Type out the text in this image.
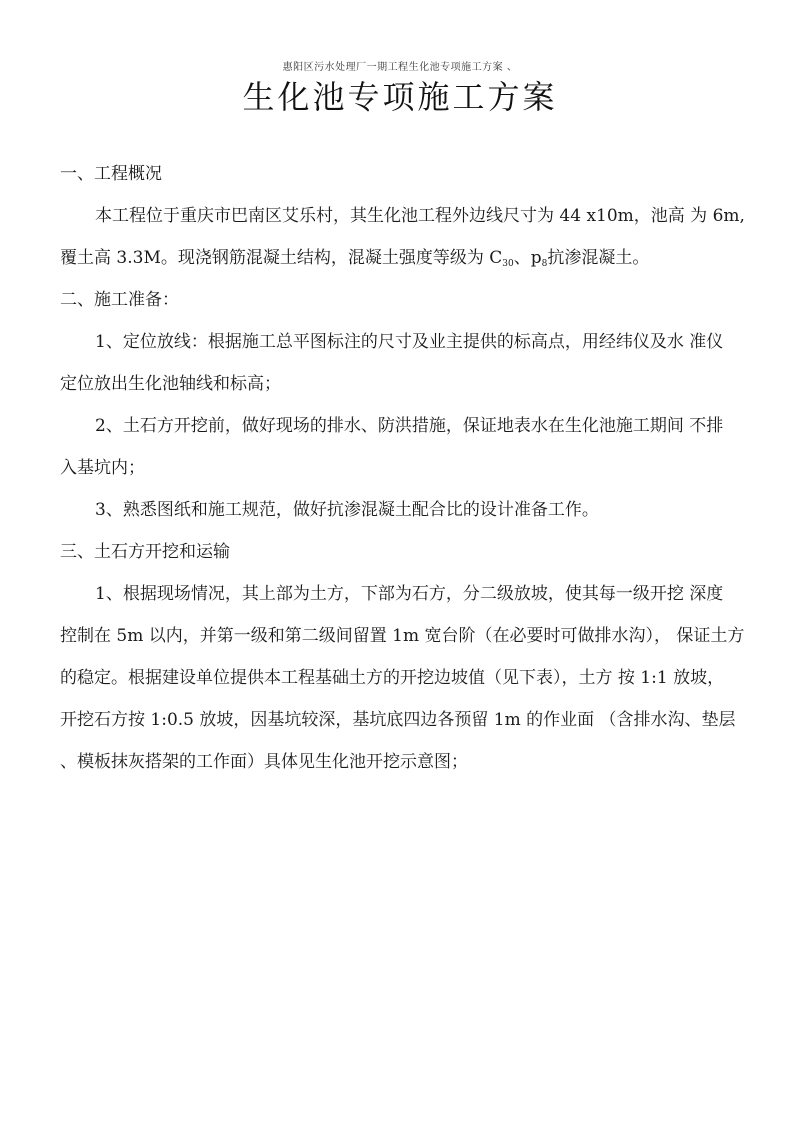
惠阳区污水处理厂一期工程生化池专项施工方案 、
生化池专项施工方案
一、工程概况
本工程位于重庆市巴南区艾乐村，其生化池工程外边线尺寸为 44 x10m，池高 为 6m,
覆土高 3.3M。现浇钢筋混凝土结构，混凝土强度等级为 $C_{30}$、$p_8$抗渗混凝土。
二、施工准备：
1、定位放线：根据施工总平图标注的尺寸及业主提供的标高点，用经纬仪及水 准仪
定位放出生化池轴线和标高；
2、土石方开挖前，做好现场的排水、防洪措施，保证地表水在生化池施工期间 不排
入基坑内；
3、熟悉图纸和施工规范，做好抗渗混凝土配合比的设计准备工作。
三、土石方开挖和运输
1、根据现场情况，其上部为土方，下部为石方，分二级放坡，使其每一级开挖 深度
控制在 5m 以内，并第一级和第二级间留置 1m 宽台阶（在必要时可做排水沟）， 保证土方
的稳定。根据建设单位提供本工程基础土方的开挖边坡值（见下表），土方 按 1:1 放坡，
开挖石方按 1:0.5 放坡，因基坑较深，基坑底四边各预留 1m 的作业面 （含排水沟、垫层
、模板抹灰搭架的工作面）具体见生化池开挖示意图；
